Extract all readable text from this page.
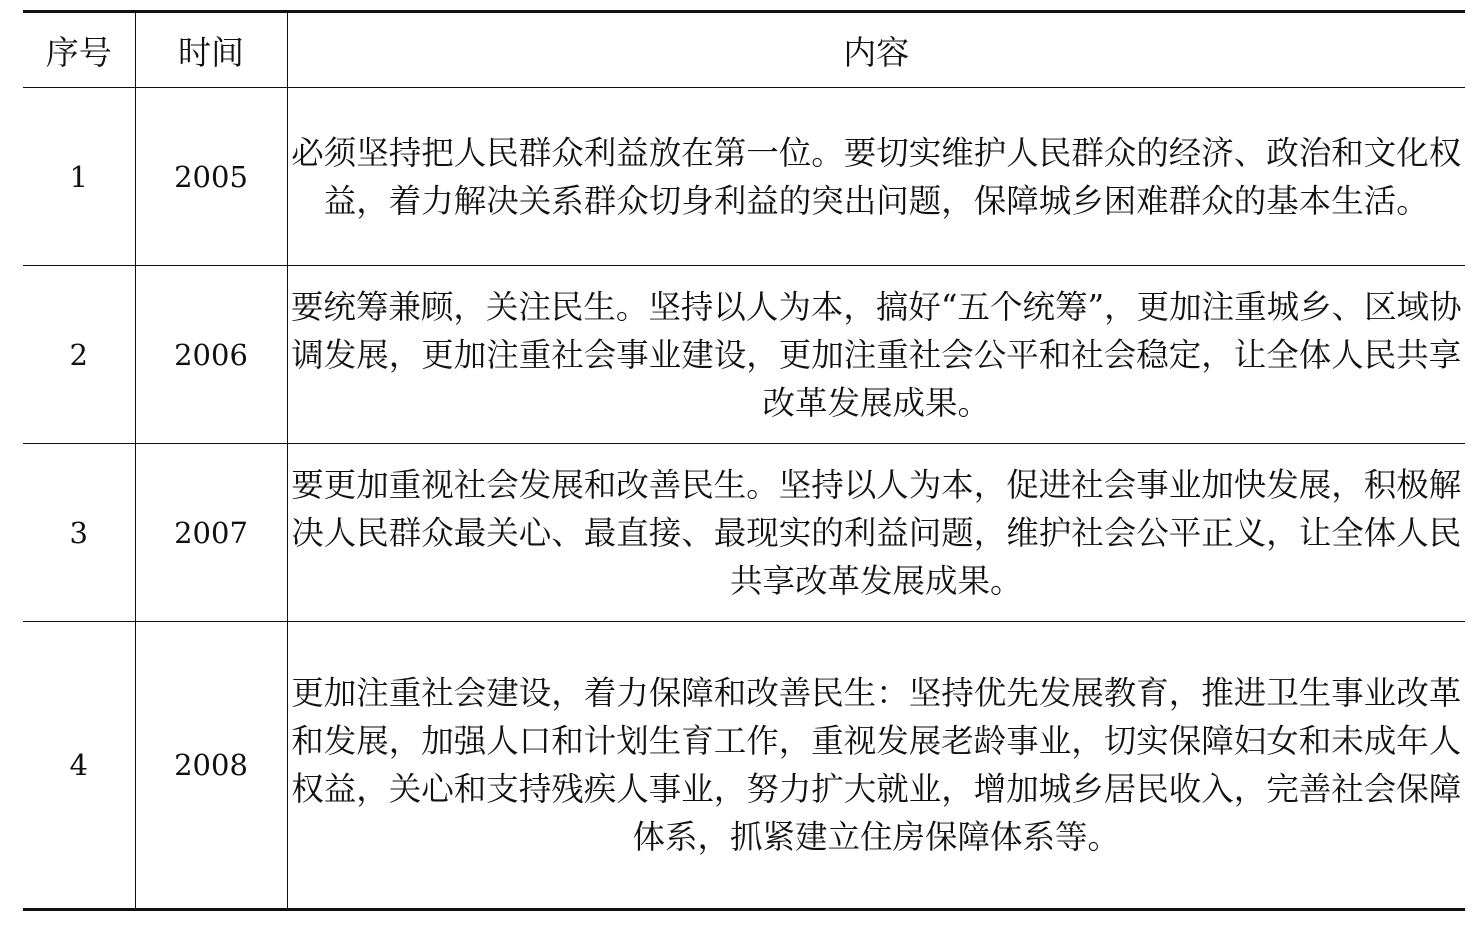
序号	时间	内容
1	2005	必须坚持把人民群众利益放在第一位。要切实维护人民群众的经济、政治和文化权益，着力解决关系群众切身利益的突出问题，保障城乡困难群众的基本生活。
2	2006	要统筹兼顾，关注民生。坚持以人为本，搞好“五个统筹”，更加注重城乡、区域协调发展，更加注重社会事业建设，更加注重社会公平和社会稳定，让全体人民共享改革发展成果。
3	2007	要更加重视社会发展和改善民生。坚持以人为本，促进社会事业加快发展，积极解决人民群众最关心、最直接、最现实的利益问题，维护社会公平正义，让全体人民共享改革发展成果。
4	2008	更加注重社会建设，着力保障和改善民生：坚持优先发展教育，推进卫生事业改革和发展，加强人口和计划生育工作，重视发展老龄事业，切实保障妇女和未成年人权益，关心和支持残疾人事业，努力扩大就业，增加城乡居民收入，完善社会保障体系，抓紧建立住房保障体系等。
